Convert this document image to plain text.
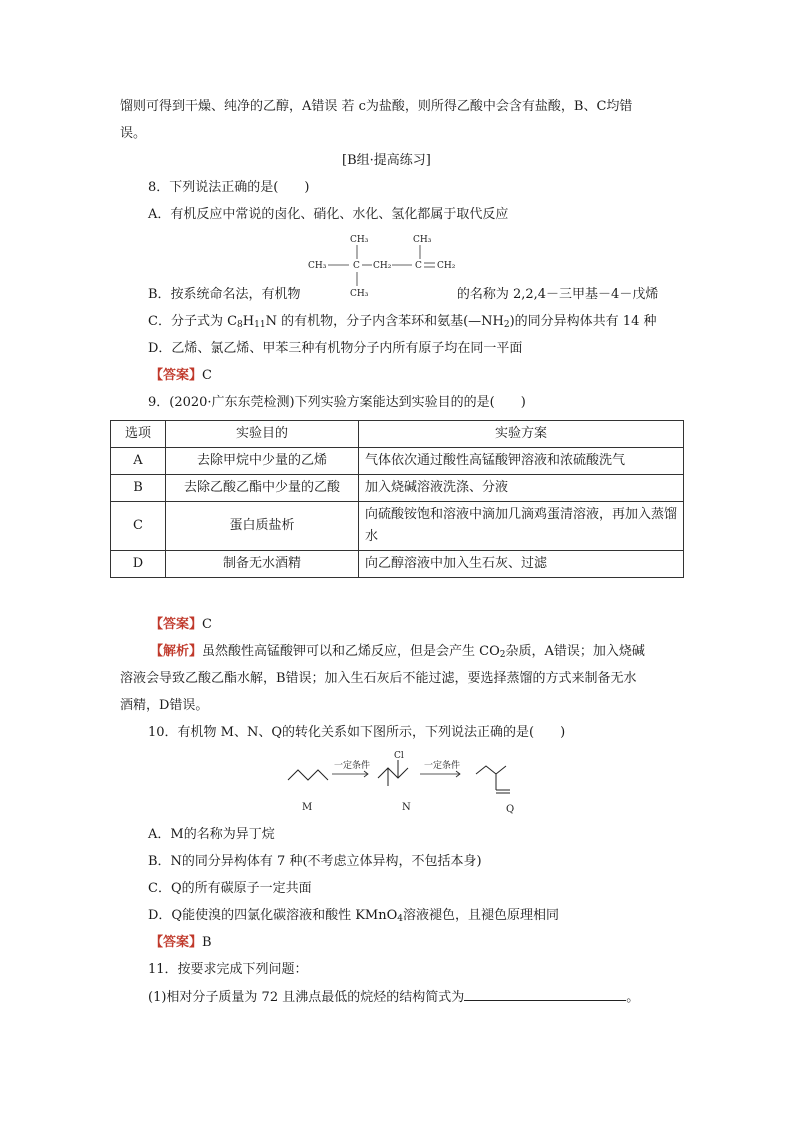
馏则可得到干燥、纯净的乙醇，A错误 若 c为盐酸，则所得乙酸中会含有盐酸，B、C均错
误。
[B组·提高练习]
8．下列说法正确的是(　　)
A．有机反应中常说的卤化、硝化、水化、氢化都属于取代反应
CH₃	CH₃
CH₃	C CH₂	C CH₂
CH₃
B．按系统命名法，有机物	的名称为 2,2,4－三甲基－4－戊烯
C．分子式为 $C_8H_{11}N$ 的有机物，分子内含苯环和氨基$(—NH_2)$的同分异构体共有 14 种
D．乙烯、氯乙烯、甲苯三种有机物分子内所有原子均在同一平面
【答案】C
9．(2020·广东东莞检测)下列实验方案能达到实验目的的是(　　)
选项	实验目的	实验方案
A	去除甲烷中少量的乙烯	气体依次通过酸性高锰酸钾溶液和浓硫酸洗气
B	去除乙酸乙酯中少量的乙酸	加入烧碱溶液洗涤、分液
C	蛋白质盐析	向硫酸铵饱和溶液中滴加几滴鸡蛋清溶液，再加入蒸馏水
D	制备无水酒精	向乙醇溶液中加入生石灰、过滤
【答案】C
【解析】虽然酸性高锰酸钾可以和乙烯反应，但是会产生 $CO_2$杂质，A错误；加入烧碱
溶液会导致乙酸乙酯水解，B错误；加入生石灰后不能过滤，要选择蒸馏的方式来制备无水
酒精，D错误。
10．有机物 M、N、Q的转化关系如下图所示，下列说法正确的是(　　)
M
一定条件
Cl
N
一定条件
Q
A．M的名称为异丁烷
B．N的同分异构体有 7 种(不考虑立体异构，不包括本身)
C．Q的所有碳原子一定共面
D．Q能使溴的四氯化碳溶液和酸性 KMnO$_4$溶液褪色，且褪色原理相同
【答案】B
11．按要求完成下列问题：
(1)相对分子质量为 72 且沸点最低的烷烃的结构简式为	。
